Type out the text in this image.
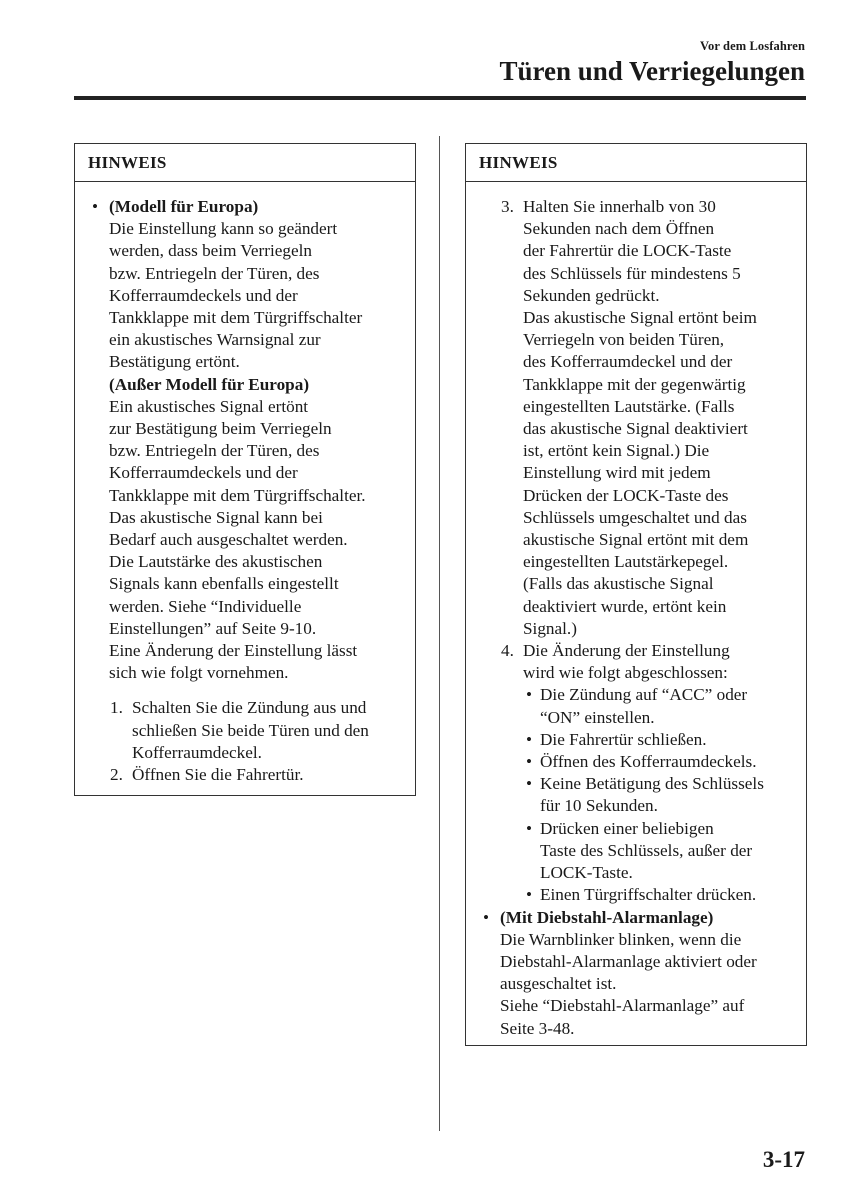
Vor dem Losfahren
Türen und Verriegelungen
HINWEIS
• (Modell für Europa)
Die Einstellung kann so geändert
werden, dass beim Verriegeln
bzw. Entriegeln der Türen, des
Kofferraumdeckels und der
Tankklappe mit dem Türgriffschalter
ein akustisches Warnsignal zur
Bestätigung ertönt.
(Außer Modell für Europa)
Ein akustisches Signal ertönt
zur Bestätigung beim Verriegeln
bzw. Entriegeln der Türen, des
Kofferraumdeckels und der
Tankklappe mit dem Türgriffschalter.
Das akustische Signal kann bei
Bedarf auch ausgeschaltet werden.
Die Lautstärke des akustischen
Signals kann ebenfalls eingestellt
werden. Siehe “Individuelle
Einstellungen” auf Seite 9-10.
Eine Änderung der Einstellung lässt
sich wie folgt vornehmen.
1. Schalten Sie die Zündung aus und
schließen Sie beide Türen und den
Kofferraumdeckel.
2. Öffnen Sie die Fahrertür.
HINWEIS
3. Halten Sie innerhalb von 30
Sekunden nach dem Öffnen
der Fahrertür die LOCK-Taste
des Schlüssels für mindestens 5
Sekunden gedrückt.
Das akustische Signal ertönt beim
Verriegeln von beiden Türen,
des Kofferraumdeckel und der
Tankklappe mit der gegenwärtig
eingestellten Lautstärke. (Falls
das akustische Signal deaktiviert
ist, ertönt kein Signal.) Die
Einstellung wird mit jedem
Drücken der LOCK-Taste des
Schlüssels umgeschaltet und das
akustische Signal ertönt mit dem
eingestellten Lautstärkepegel.
(Falls das akustische Signal
deaktiviert wurde, ertönt kein
Signal.)
4. Die Änderung der Einstellung
wird wie folgt abgeschlossen:
• Die Zündung auf “ACC” oder
“ON” einstellen.
• Die Fahrertür schließen.
• Öffnen des Kofferraumdeckels.
• Keine Betätigung des Schlüssels
für 10 Sekunden.
• Drücken einer beliebigen
Taste des Schlüssels, außer der
LOCK-Taste.
• Einen Türgriffschalter drücken.
• (Mit Diebstahl-Alarmanlage)
Die Warnblinker blinken, wenn die
Diebstahl-Alarmanlage aktiviert oder
ausgeschaltet ist.
Siehe “Diebstahl-Alarmanlage” auf
Seite 3-48.

3-17
